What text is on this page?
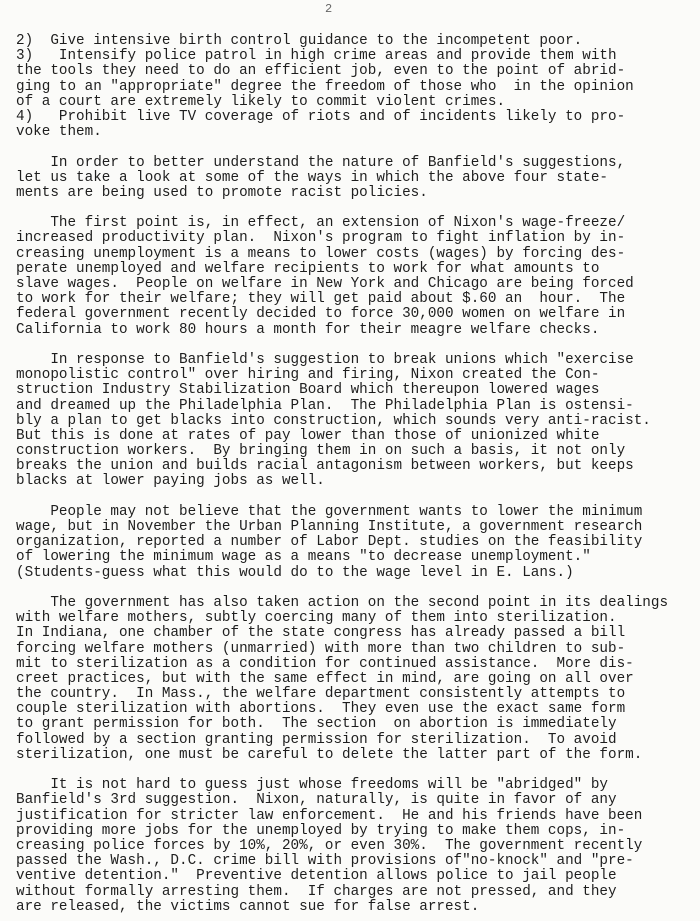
2
2)  Give intensive birth control guidance to the incompetent poor.
3)   Intensify police patrol in high crime areas and provide them with
the tools they need to do an efficient job, even to the point of abrid-
ging to an "appropriate" degree the freedom of those who  in the opinion
of a court are extremely likely to commit violent crimes.
4)   Prohibit live TV coverage of riots and of incidents likely to pro-
voke them.
In order to better understand the nature of Banfield's suggestions,
let us take a look at some of the ways in which the above four state-
ments are being used to promote racist policies.
The first point is, in effect, an extension of Nixon's wage-freeze/
increased productivity plan.  Nixon's program to fight inflation by in-
creasing unemployment is a means to lower costs (wages) by forcing des-
perate unemployed and welfare recipients to work for what amounts to
slave wages.  People on welfare in New York and Chicago are being forced
to work for their welfare; they will get paid about $.60 an  hour.  The
federal government recently decided to force 30,000 women on welfare in
California to work 80 hours a month for their meagre welfare checks.
In response to Banfield's suggestion to break unions which "exercise
monopolistic control" over hiring and firing, Nixon created the Con-
struction Industry Stabilization Board which thereupon lowered wages
and dreamed up the Philadelphia Plan.  The Philadelphia Plan is ostensi-
bly a plan to get blacks into construction, which sounds very anti-racist.
But this is done at rates of pay lower than those of unionized white
construction workers.  By bringing them in on such a basis, it not only
breaks the union and builds racial antagonism between workers, but keeps
blacks at lower paying jobs as well.
People may not believe that the government wants to lower the minimum
wage, but in November the Urban Planning Institute, a government research
organization, reported a number of Labor Dept. studies on the feasibility
of lowering the minimum wage as a means "to decrease unemployment."
(Students-guess what this would do to the wage level in E. Lans.)
The government has also taken action on the second point in its dealings
with welfare mothers, subtly coercing many of them into sterilization.
In Indiana, one chamber of the state congress has already passed a bill
forcing welfare mothers (unmarried) with more than two children to sub-
mit to sterilization as a condition for continued assistance.  More dis-
creet practices, but with the same effect in mind, are going on all over
the country.  In Mass., the welfare department consistently attempts to
couple sterilization with abortions.  They even use the exact same form
to grant permission for both.  The section  on abortion is immediately
followed by a section granting permission for sterilization.  To avoid
sterilization, one must be careful to delete the latter part of the form.
It is not hard to guess just whose freedoms will be "abridged" by
Banfield's 3rd suggestion.  Nixon, naturally, is quite in favor of any
justification for stricter law enforcement.  He and his friends have been
providing more jobs for the unemployed by trying to make them cops, in-
creasing police forces by 10%, 20%, or even 30%.  The government recently
passed the Wash., D.C. crime bill with provisions of"no-knock" and "pre-
ventive detention."  Preventive detention allows police to jail people
without formally arresting them.  If charges are not pressed, and they
are released, the victims cannot sue for false arrest.
